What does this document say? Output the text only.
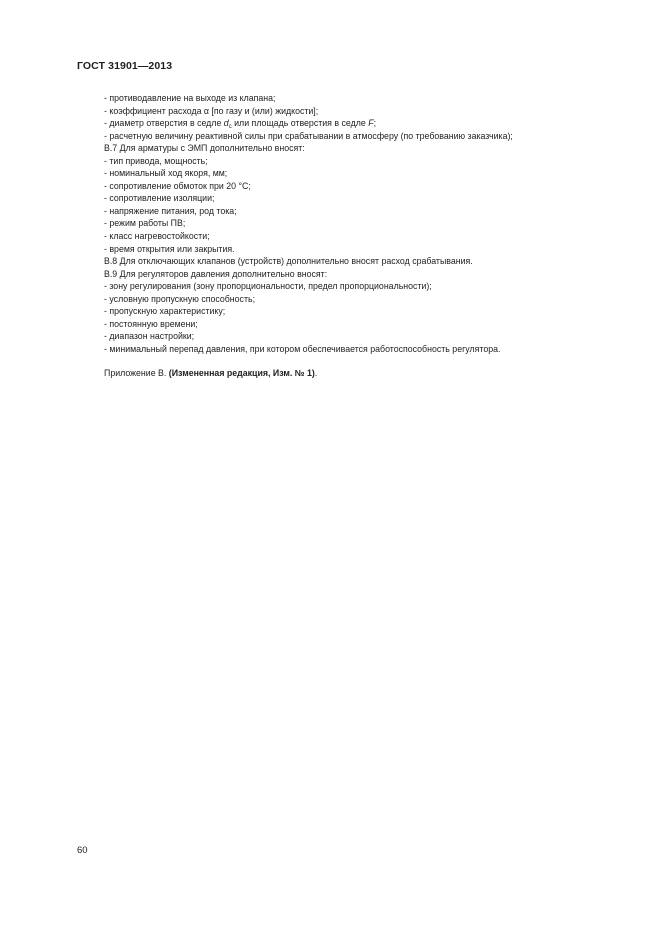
ГОСТ 31901—2013
- противодавление на выходе из клапана;
- коэффициент расхода α [по газу и (или) жидкости];
- диаметр отверстия в седле $d_с$ или площадь отверстия в седле F;
- расчетную величину реактивной силы при срабатывании в атмосферу (по требованию заказчика);
В.7 Для арматуры с ЭМП дополнительно вносят:
- тип привода, мощность;
- номинальный ход якоря, мм;
- сопротивление обмоток при 20 °С;
- сопротивление изоляции;
- напряжение питания, род тока;
- режим работы ПВ;
- класс нагревостойкости;
- время открытия или закрытия.
В.8 Для отключающих клапанов (устройств) дополнительно вносят расход срабатывания.
В.9 Для регуляторов давления дополнительно вносят:
- зону регулирования (зону пропорциональности, предел пропорциональности);
- условную пропускную способность;
- пропускную характеристику;
- постоянную времени;
- диапазон настройки;
- минимальный перепад давления, при котором обеспечивается работоспособность регулятора.
Приложение В. (Измененная редакция, Изм. № 1).
60
